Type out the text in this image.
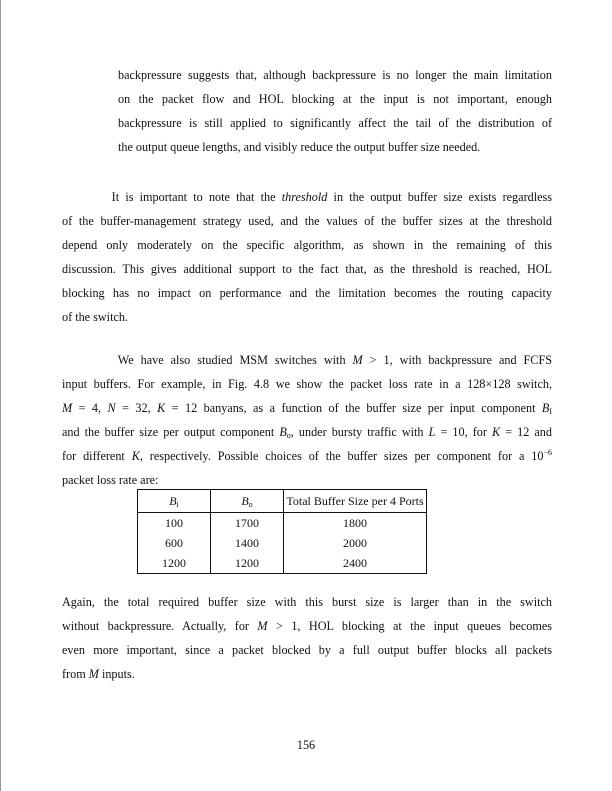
backpressure suggests that, although backpressure is no longer the main limitation
on the packet flow and HOL blocking at the input is not important, enough
backpressure is still applied to significantly affect the tail of the distribution of
the output queue lengths, and visibly reduce the output buffer size needed.
It is important to note that the threshold in the output buffer size exists regardless
of the buffer-management strategy used, and the values of the buffer sizes at the threshold
depend only moderately on the specific algorithm, as shown in the remaining of this
discussion. This gives additional support to the fact that, as the threshold is reached, HOL
blocking has no impact on performance and the limitation becomes the routing capacity
of the switch.
We have also studied MSM switches with M > 1, with backpressure and FCFS
input buffers. For example, in Fig. 4.8 we show the packet loss rate in a 128×128 switch,
M = 4, N = 32, K = 12 banyans, as a function of the buffer size per input component $B_I$
and the buffer size per output component $B_o$, under bursty traffic with L = 10, for K = 12 and
for different K, respectively. Possible choices of the buffer sizes per component for a $10^{-6}$
packet loss rate are:
Again, the total required buffer size with this burst size is larger than in the switch
without backpressure. Actually, for M > 1, HOL blocking at the input queues becomes
even more important, since a packet blocked by a full output buffer blocks all packets
from M inputs.
$B_i$	$B_o$	Total Buffer Size per 4 Ports
100	1700	1800
600	1400	2000
1200	1200	2400
156
